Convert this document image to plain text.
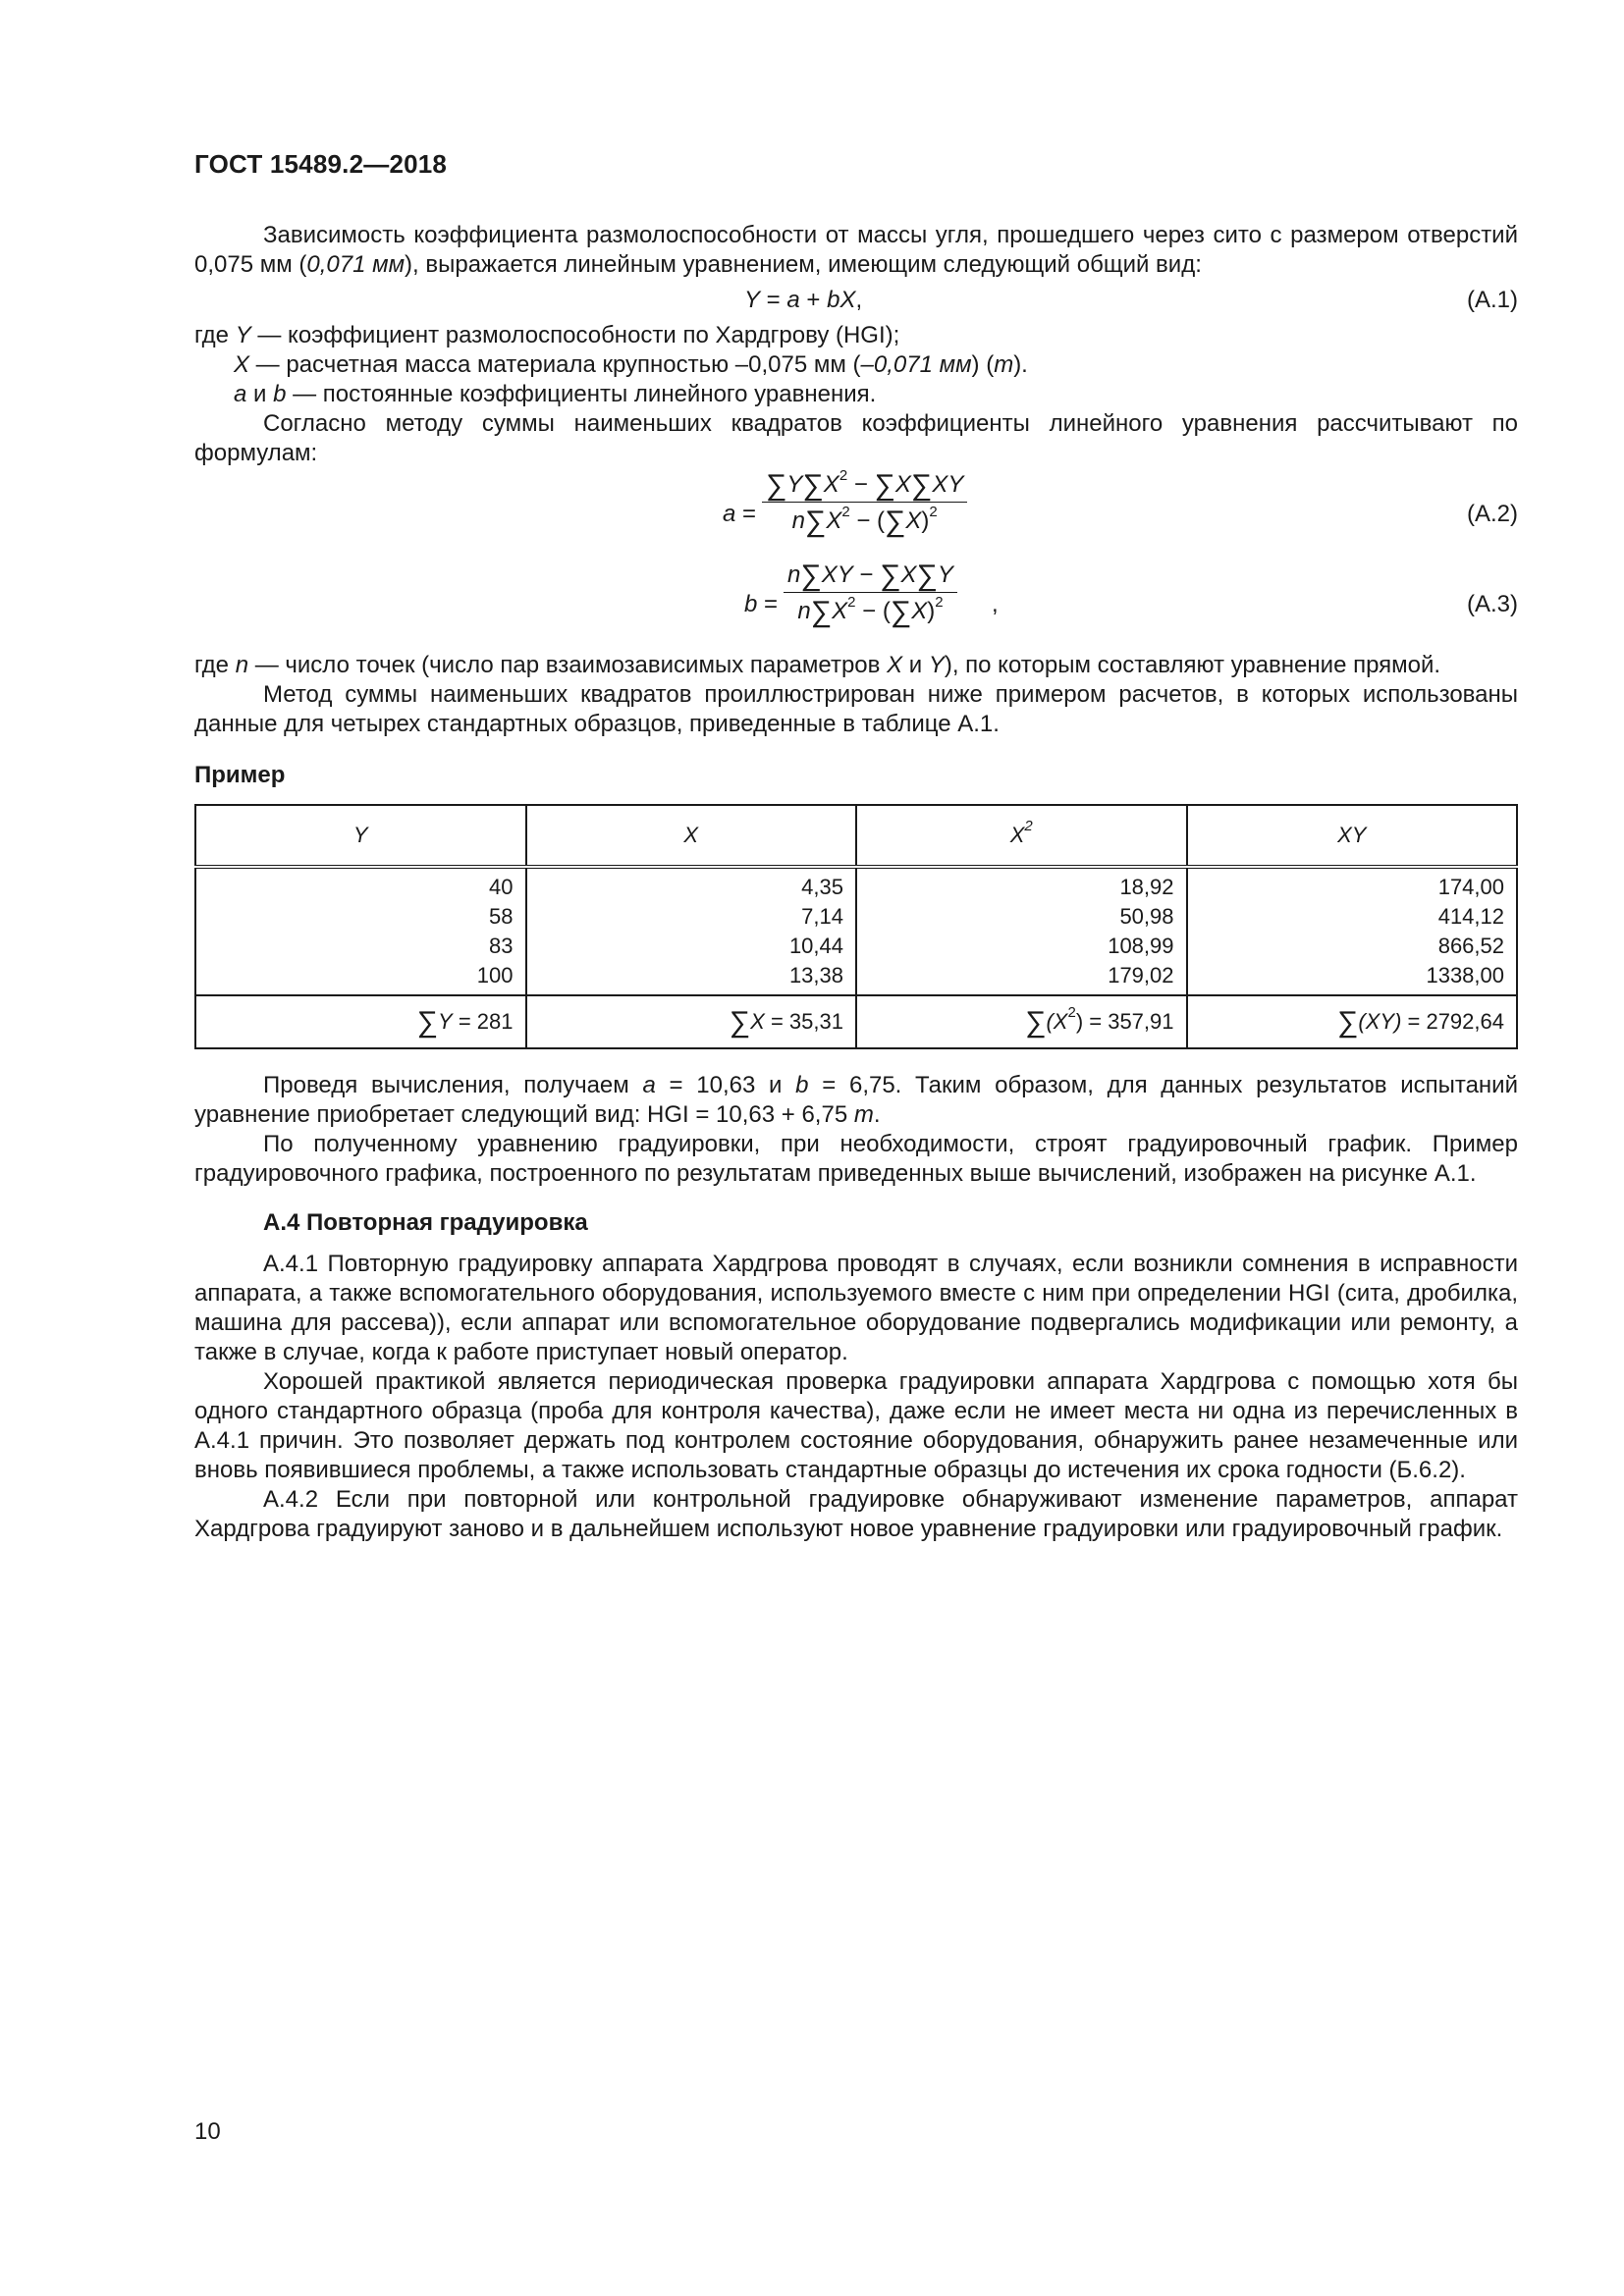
ГОСТ 15489.2—2018

Зависимость коэффициента размолоспособности от массы угля, прошедшего через сито с размером отверстий 0,075 мм (0,071 мм), выражается линейным уравнением, имеющим следующий общий вид:

Y = a + bX,	(А.1)

где Y — коэффициент размолоспособности по Хардгрову (HGI);

X — расчетная масса материала крупностью –0,075 мм (–0,071 мм) (m).

a и b — постоянные коэффициенты линейного уравнения.

Согласно методу суммы наименьших квадратов коэффициенты линейного уравнения рассчитывают по формулам:

$a = \frac{\sum Y\sum X^2 - \sum X\sum XY}{n\sum X^2 - (\sum X)^2}$	(А.2)
$b = \frac{n\sum XY - \sum X\sum Y}{n\sum X^2 - (\sum X)^2}$ ,	(А.3)

где n — число точек (число пар взаимозависимых параметров X и Y), по которым составляют уравнение прямой.

Метод суммы наименьших квадратов проиллюстрирован ниже примером расчетов, в которых использованы данные для четырех стандартных образцов, приведенные в таблице А.1.

Пример
Y	X	$X^2$	XY
40	4,35	18,92	174,00
58	7,14	50,98	414,12
83	10,44	108,99	866,52
100	13,38	179,02	1338,00
∑Y = 281	∑X = 35,31	$\sum(X^2) = 357,91$	∑(XY) = 2792,64

Проведя вычисления, получаем a = 10,63 и b = 6,75. Таким образом, для данных результатов испытаний уравнение приобретает следующий вид: HGI = 10,63 + 6,75 m.

По полученному уравнению градуировки, при необходимости, строят градуировочный график. Пример градуировочного графика, построенного по результатам приведенных выше вычислений, изображен на рисунке А.1.

А.4 Повторная градуировка

А.4.1 Повторную градуировку аппарата Хардгрова проводят в случаях, если возникли сомнения в исправности аппарата, а также вспомогательного оборудования, используемого вместе с ним при определении HGI (сита, дробилка, машина для рассева)), если аппарат или вспомогательное оборудование подвергались модификации или ремонту, а также в случае, когда к работе приступает новый оператор.

Хорошей практикой является периодическая проверка градуировки аппарата Хардгрова с помощью хотя бы одного стандартного образца (проба для контроля качества), даже если не имеет места ни одна из перечисленных в А.4.1 причин. Это позволяет держать под контролем состояние оборудования, обнаружить ранее незамеченные или вновь появившиеся проблемы, а также использовать стандартные образцы до истечения их срока годности (Б.6.2).

А.4.2 Если при повторной или контрольной градуировке обнаруживают изменение параметров, аппарат Хардгрова градуируют заново и в дальнейшем используют новое уравнение градуировки или градуировочный график.

10
